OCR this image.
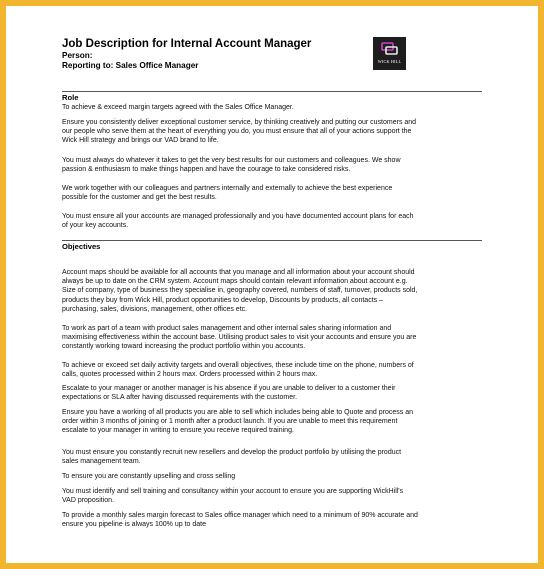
Job Description for Internal Account Manager
Person:
Reporting to: Sales Office Manager	WICK HILL
Role

To achieve & exceed margin targets agreed with the Sales Office Manager.

Ensure you consistently deliver exceptional customer service, by thinking creatively and putting our customers and
our people who serve them at the heart of everything you do, you must ensure that all of your actions support the
Wick Hill strategy and brings our VAD brand to life.

You must always do whatever it takes to get the very best results for our customers and colleagues. We show
passion & enthusiasm to make things happen and have the courage to take considered risks.

We work together with our colleagues and partners internally and externally to achieve the best experience
possible for the customer and get the best results.

You must ensure all your accounts are managed professionally and you have documented account plans for each
of your key accounts.

Objectives

Account maps should be available for all accounts that you manage and all information about your account should
always be up to date on the CRM system. Account maps should contain relevant information about account e.g.
Size of company, type of business they specialise in, geography covered, numbers of staff, turnover, products sold,
products they buy from Wick Hill, product opportunities to develop, Discounts by products, all contacts –
purchasing, sales, divisions, management, other offices etc.

To work as part of a team with product sales management and other internal sales sharing information and
maximising effectiveness within the account base. Utilising product sales to visit your accounts and ensure you are
constantly working toward increasing the product portfolio within you accounts.

To achieve or exceed set daily activity targets and overall objectives, these include time on the phone, numbers of
calls, quotes processed within 2 hours max. Orders processed within 2 hours max.

Escalate to your manager or another manager is his absence if you are unable to deliver to a customer their
expectations or SLA after having discussed requirements with the customer.

Ensure you have a working of all products you are able to sell which includes being able to Quote and process an
order within 3 months of joining or 1 month after a product launch. If you are unable to meet this requirement
escalate to your manager in writing to ensure you receive required training.

You must ensure you constantly recruit new resellers and develop the product portfolio by utilising the product
sales management team.

To ensure you are constantly upselling and cross selling

You must identify and sell training and consultancy within your account to ensure you are supporting WickHill's
VAD proposition.

To provide a monthly sales margin forecast to Sales office manager which need to a minimum of 90% accurate and
ensure you pipeline is always 100% up to date
